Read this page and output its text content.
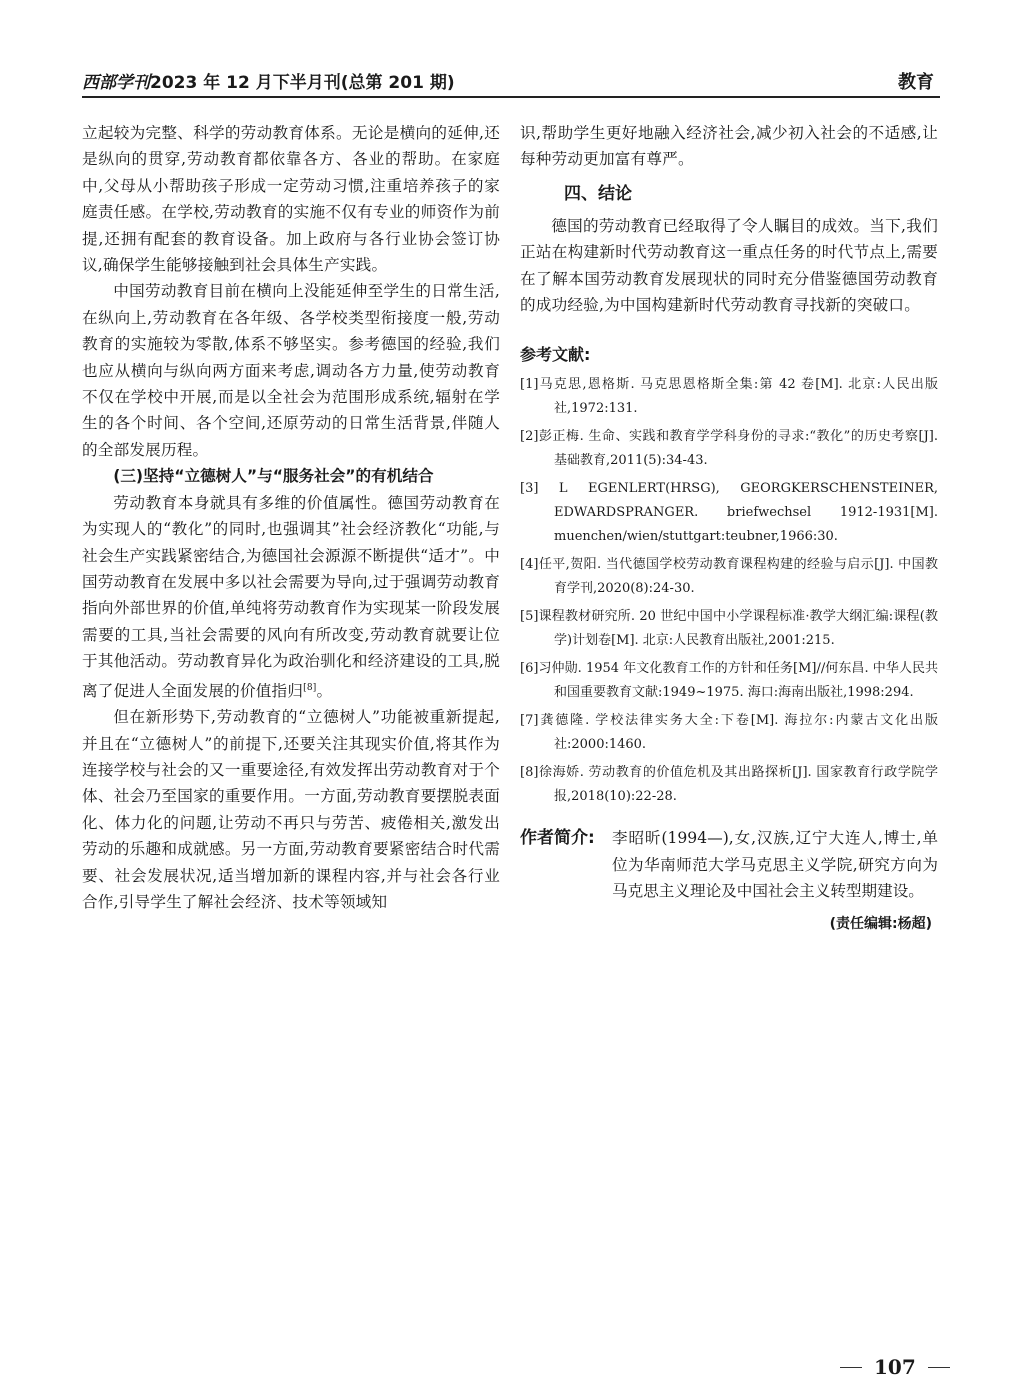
西部学刊2023 年 12 月下半月刊(总第 201 期)	教育

立起较为完整、科学的劳动教育体系。无论是横向的延伸,还是纵向的贯穿,劳动教育都依靠各方、各业的帮助。在家庭中,父母从小帮助孩子形成一定劳动习惯,注重培养孩子的家庭责任感。在学校,劳动教育的实施不仅有专业的师资作为前提,还拥有配套的教育设备。加上政府与各行业协会签订协议,确保学生能够接触到社会具体生产实践。

中国劳动教育目前在横向上没能延伸至学生的日常生活,在纵向上,劳动教育在各年级、各学校类型衔接度一般,劳动教育的实施较为零散,体系不够坚实。参考德国的经验,我们也应从横向与纵向两方面来考虑,调动各方力量,使劳动教育不仅在学校中开展,而是以全社会为范围形成系统,辐射在学生的各个时间、各个空间,还原劳动的日常生活背景,伴随人的全部发展历程。

(三)坚持“立德树人”与“服务社会”的有机结合

劳动教育本身就具有多维的价值属性。德国劳动教育在为实现人的“教化”的同时,也强调其”社会经济教化“功能,与社会生产实践紧密结合,为德国社会源源不断提供“适才”。中国劳动教育在发展中多以社会需要为导向,过于强调劳动教育指向外部世界的价值,单纯将劳动教育作为实现某一阶段发展需要的工具,当社会需要的风向有所改变,劳动教育就要让位于其他活动。劳动教育异化为政治驯化和经济建设的工具,脱离了促进人全面发展的价值指归[8]。

但在新形势下,劳动教育的“立德树人”功能被重新提起,并且在“立德树人”的前提下,还要关注其现实价值,将其作为连接学校与社会的又一重要途径,有效发挥出劳动教育对于个体、社会乃至国家的重要作用。一方面,劳动教育要摆脱表面化、体力化的问题,让劳动不再只与劳苦、疲倦相关,激发出劳动的乐趣和成就感。另一方面,劳动教育要紧密结合时代需要、社会发展状况,适当增加新的课程内容,并与社会各行业合作,引导学生了解社会经济、技术等领域知

识,帮助学生更好地融入经济社会,减少初入社会的不适感,让每种劳动更加富有尊严。

四、结论

德国的劳动教育已经取得了令人瞩目的成效。当下,我们正站在构建新时代劳动教育这一重点任务的时代节点上,需要在了解本国劳动教育发展现状的同时充分借鉴德国劳动教育的成功经验,为中国构建新时代劳动教育寻找新的突破口。

参考文献:

[1]马克思,恩格斯. 马克思恩格斯全集:第 42 卷[M]. 北京:人民出版社,1972:131.

[2]彭正梅. 生命、实践和教育学学科身份的寻求:“教化”的历史考察[J]. 基础教育,2011(5):34-43.

[3] L EGENLERT(HRSG), GEORGKERSCHENSTEINER, EDWARDSPRANGER. briefwechsel 1912-1931[M]. muenchen/wien/stuttgart:teubner,1966:30.

[4]任平,贺阳. 当代德国学校劳动教育课程构建的经验与启示[J]. 中国教育学刊,2020(8):24-30.

[5]课程教材研究所. 20 世纪中国中小学课程标准·教学大纲汇编:课程(教学)计划卷[M]. 北京:人民教育出版社,2001:215.

[6]习仲勋. 1954 年文化教育工作的方针和任务[M]//何东昌. 中华人民共和国重要教育文献:1949~1975. 海口:海南出版社,1998:294.

[7]龚德隆. 学校法律实务大全:下卷[M]. 海拉尔:内蒙古文化出版社:2000:1460.

[8]徐海娇. 劳动教育的价值危机及其出路探析[J]. 国家教育行政学院学报,2018(10):22-28.

作者简介: 李昭昕(1994—),女,汉族,辽宁大连人,博士,单位为华南师范大学马克思主义学院,研究方向为马克思主义理论及中国社会主义转型期建设。
(责任编辑:杨超)
107
